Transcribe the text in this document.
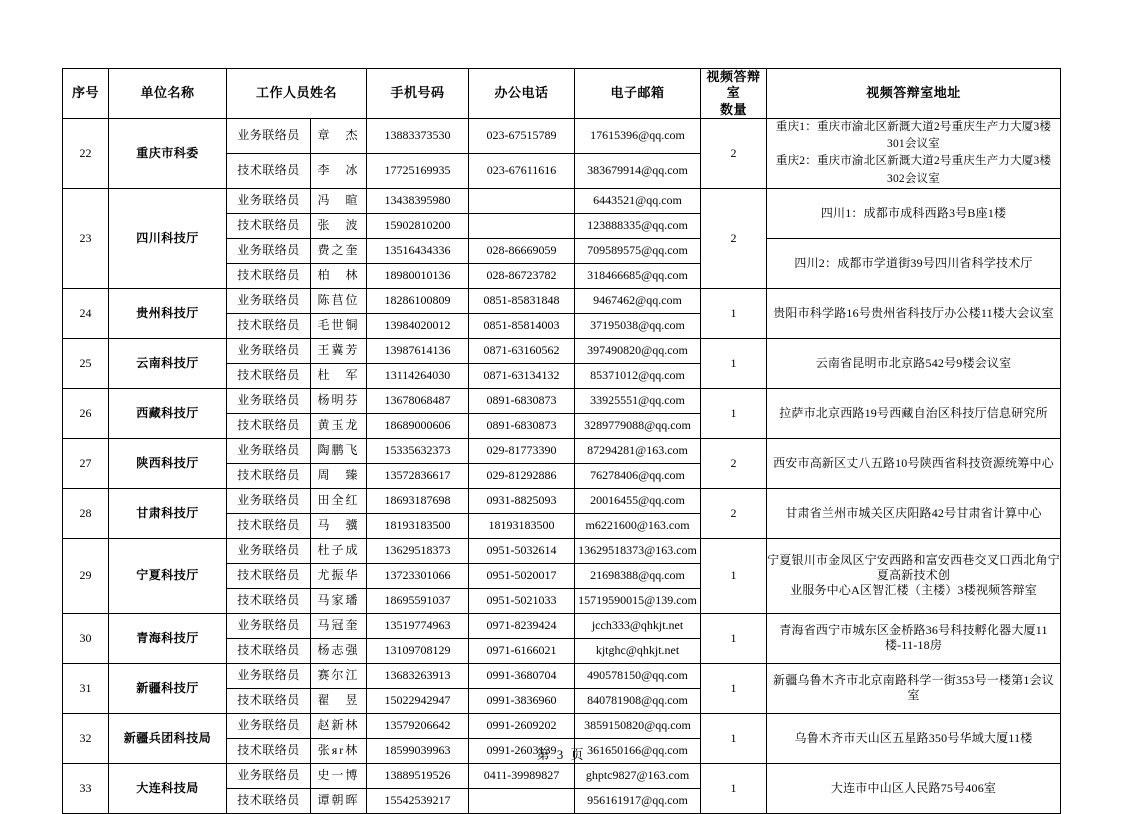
序号	单位名称	工作人员姓名		手机号码	办公电话	电子邮箱	视频答辩室
数量	视频答辩室地址
22	重庆市科委	业务联络员	章　杰	13883373530	023-67515789	17615396@qq.com	2	重庆1：重庆市渝北区新溉大道2号重庆生产力大厦3楼301会议室
重庆2：重庆市渝北区新溉大道2号重庆生产力大厦3楼302会议室

		技术联络员	李　冰	17725169935	023-67611616	383679914@qq.com		
23	四川科技厅	业务联络员	冯　暄	13438395980		6443521@qq.com	2	四川1：成都市成科西路3号B座1楼
		技术联络员	张　波	15902810200		123888335@qq.com		
		业务联络员	费之奎	13516434336	028-86669059	709589575@qq.com		四川2：成都市学道街39号四川省科学技术厅
		技术联络员	柏　林	18980010136	028-86723782	318466685@qq.com		
24	贵州科技厅	业务联络员	陈苢位	18286100809	0851-85831848	9467462@qq.com	1	贵阳市科学路16号贵州省科技厅办公楼11楼大会议室
		技术联络员	毛世铜	13984020012	0851-85814003	37195038@qq.com		
25	云南科技厅	业务联络员	王冀芳	13987614136	0871-63160562	397490820@qq.com	1	云南省昆明市北京路542号9楼会议室
		技术联络员	杜　军	13114264030	0871-63134132	85371012@qq.com		
26	西藏科技厅	业务联络员	杨明芬	13678068487	0891-6830873	33925551@qq.com	1	拉萨市北京西路19号西藏自治区科技厅信息研究所
		技术联络员	黄玉龙	18689000606	0891-6830873	3289779088@qq.com		
27	陕西科技厅	业务联络员	陶鹏飞	15335632373	029-81773390	87294281@163.com	2	西安市高新区丈八五路10号陕西省科技资源统筹中心
		技术联络员	周　臻	13572836617	029-81292886	76278406@qq.com		
28	甘肃科技厅	业务联络员	田全红	18693187698	0931-8825093	20016455@qq.com	2	甘肃省兰州市城关区庆阳路42号甘肃省计算中心
		技术联络员	马　骥	18193183500	18193183500	m6221600@163.com		
29	宁夏科技厅	业务联络员	杜子成	13629518373	0951-5032614	13629518373@163.com	1	宁夏银川市金凤区宁安西路和富安西巷交叉口西北角宁夏高新技术创
业服务中心A区智汇楼（主楼）3楼视频答辩室

		技术联络员	尤振华	13723301066	0951-5020017	21698388@qq.com		
		技术联络员	马家璠	18695591037	0951-5021033	15719590015@139.com		
30	青海科技厅	业务联络员	马冠奎	13519774963	0971-8239424	jcch333@qhkjt.net	1	青海省西宁市城东区金桥路36号科技孵化器大厦11楼-11-18房
		技术联络员	杨志强	13109708129	0971-6166021	kjtghc@qhkjt.net		
31	新疆科技厅	业务联络员	赛尔江	13683263913	0991-3680704	490578150@qq.com	1	新疆乌鲁木齐市北京南路科学一街353号一楼第1会议室
		技术联络员	翟　昱	15022942947	0991-3836960	840781908@qq.com		
32	新疆兵团科技局	业务联络员	赵新林	13579206642	0991-2609202	3859150820@qq.com	1	乌鲁木齐市天山区五星路350号华域大厦11楼
		技术联络员	张яr林	18599039963	0991-2603139	361650166@qq.com		
33	大连科技局	业务联络员	史一博	13889519526	0411-39989827	ghptc9827@163.com	1	大连市中山区人民路75号406室
		技术联络员	谭朝晖	15542539217		956161917@qq.com		
第 3 页
